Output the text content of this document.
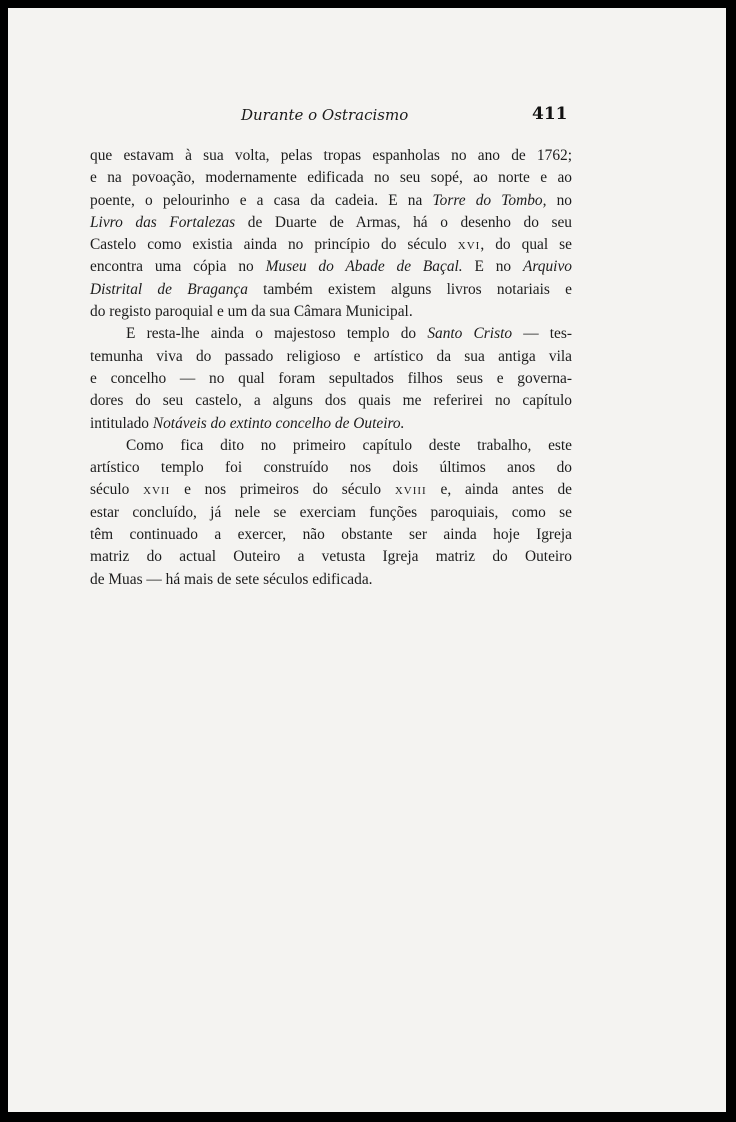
Durante o Ostracismo	411
que estavam à sua volta, pelas tropas espanholas no ano de 1762;
e na povoação, modernamente edificada no seu sopé, ao norte e ao
poente, o pelourinho e a casa da cadeia. E na Torre do Tombo, no
Livro das Fortalezas de Duarte de Armas, há o desenho do seu
Castelo como existia ainda no princípio do século xvi, do qual se
encontra uma cópia no Museu do Abade de Baçal. E no Arquivo
Distrital de Bragança também existem alguns livros notariais e
do registo paroquial e um da sua Câmara Municipal.
E resta-lhe ainda o majestoso templo do Santo Cristo — tes-
temunha viva do passado religioso e artístico da sua antiga vila
e concelho — no qual foram sepultados filhos seus e governa-
dores do seu castelo, a alguns dos quais me referirei no capítulo
intitulado Notáveis do extinto concelho de Outeiro.
Como fica dito no primeiro capítulo deste trabalho, este
artístico templo foi construído nos dois últimos anos do
século xvii e nos primeiros do século xviii e, ainda antes de
estar concluído, já nele se exerciam funções paroquiais, como se
têm continuado a exercer, não obstante ser ainda hoje Igreja
matriz do actual Outeiro a vetusta Igreja matriz do Outeiro
de Muas — há mais de sete séculos edificada.
